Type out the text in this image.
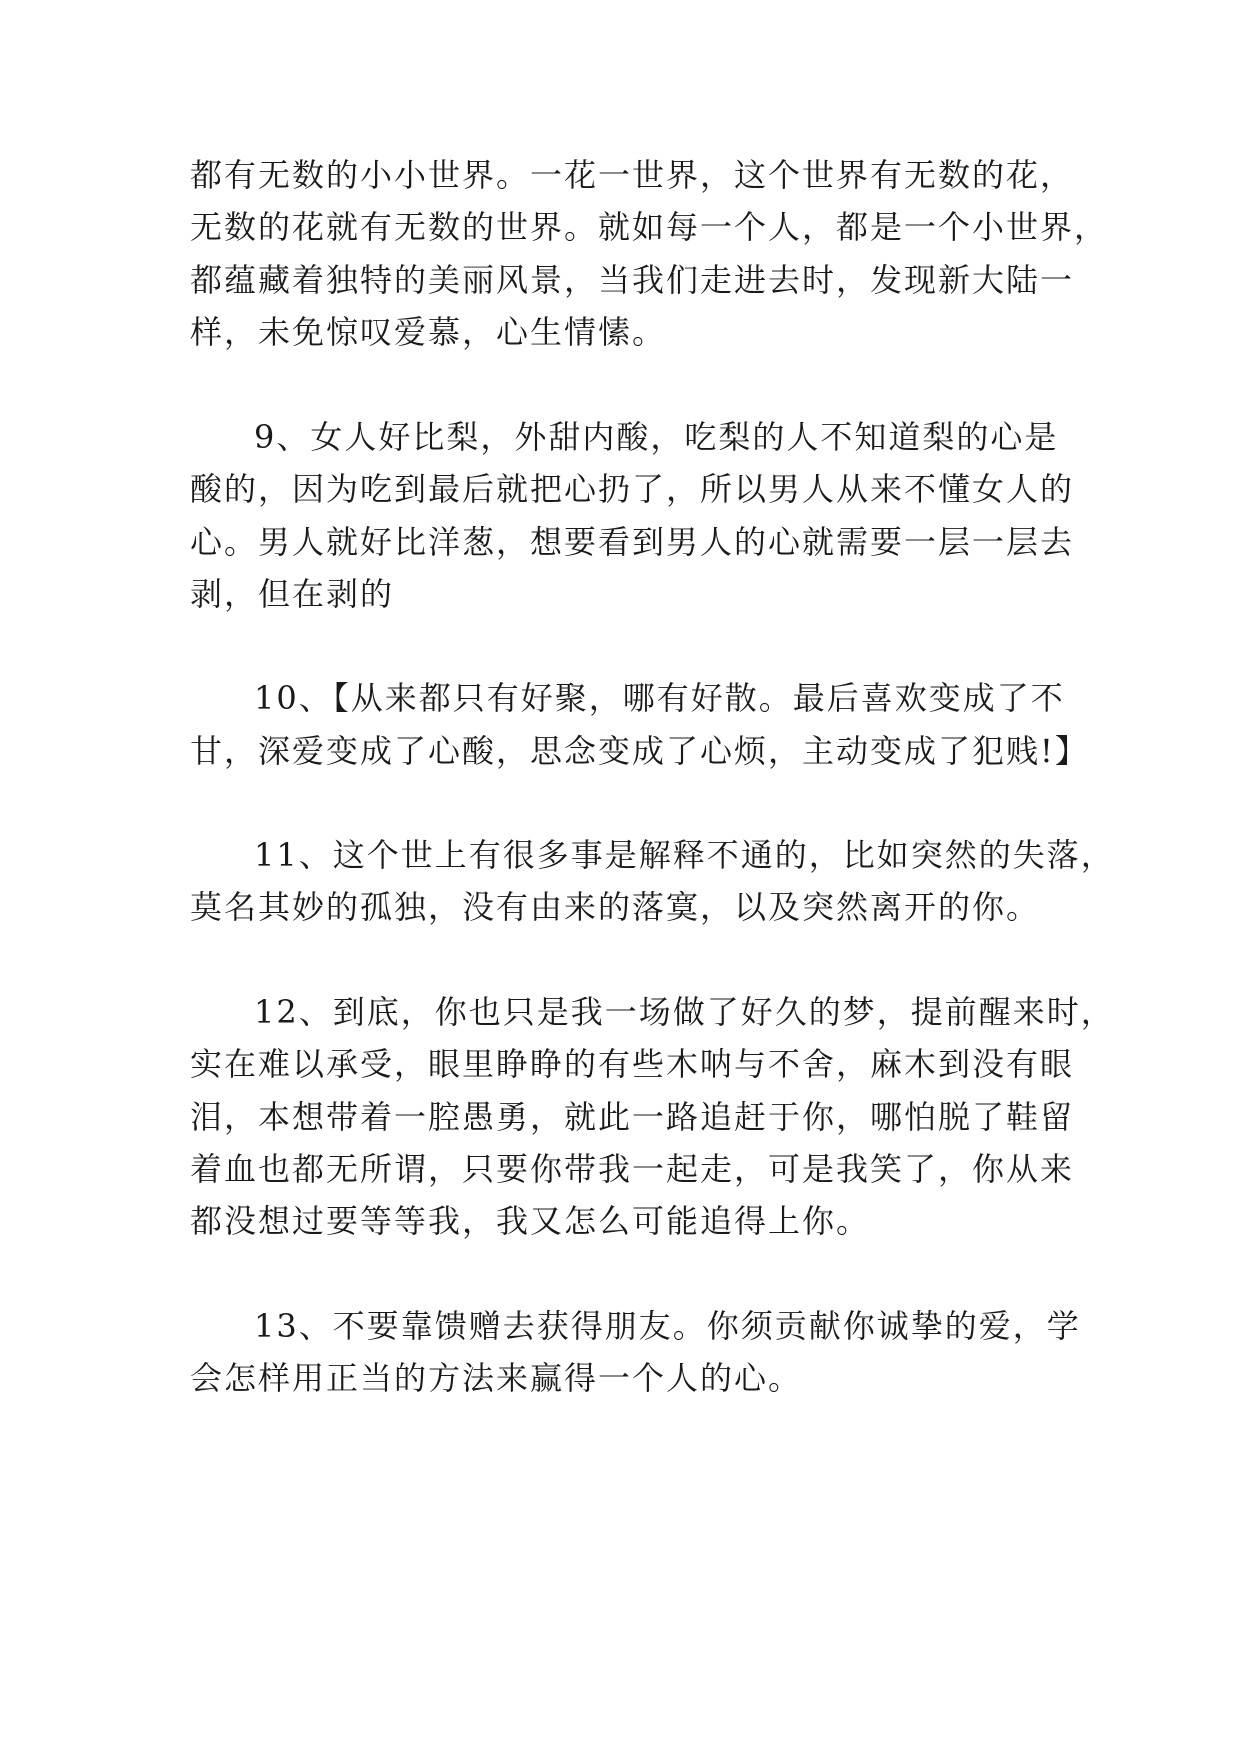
都有无数的小小世界。一花一世界，这个世界有无数的花，
无数的花就有无数的世界。就如每一个人，都是一个小世界，
都蕴藏着独特的美丽风景，当我们走进去时，发现新大陆一
样，未免惊叹爱慕，心生情愫。
9、女人好比梨，外甜内酸，吃梨的人不知道梨的心是
酸的，因为吃到最后就把心扔了，所以男人从来不懂女人的
心。男人就好比洋葱，想要看到男人的心就需要一层一层去
剥，但在剥的
10、【从来都只有好聚，哪有好散。最后喜欢变成了不
甘，深爱变成了心酸，思念变成了心烦，主动变成了犯贱!】
11、这个世上有很多事是解释不通的，比如突然的失落，
莫名其妙的孤独，没有由来的落寞，以及突然离开的你。
12、到底，你也只是我一场做了好久的梦，提前醒来时，
实在难以承受，眼里睁睁的有些木呐与不舍，麻木到没有眼
泪，本想带着一腔愚勇，就此一路追赶于你，哪怕脱了鞋留
着血也都无所谓，只要你带我一起走，可是我笑了，你从来
都没想过要等等我，我又怎么可能追得上你。
13、不要靠馈赠去获得朋友。你须贡献你诚挚的爱，学
会怎样用正当的方法来赢得一个人的心。
